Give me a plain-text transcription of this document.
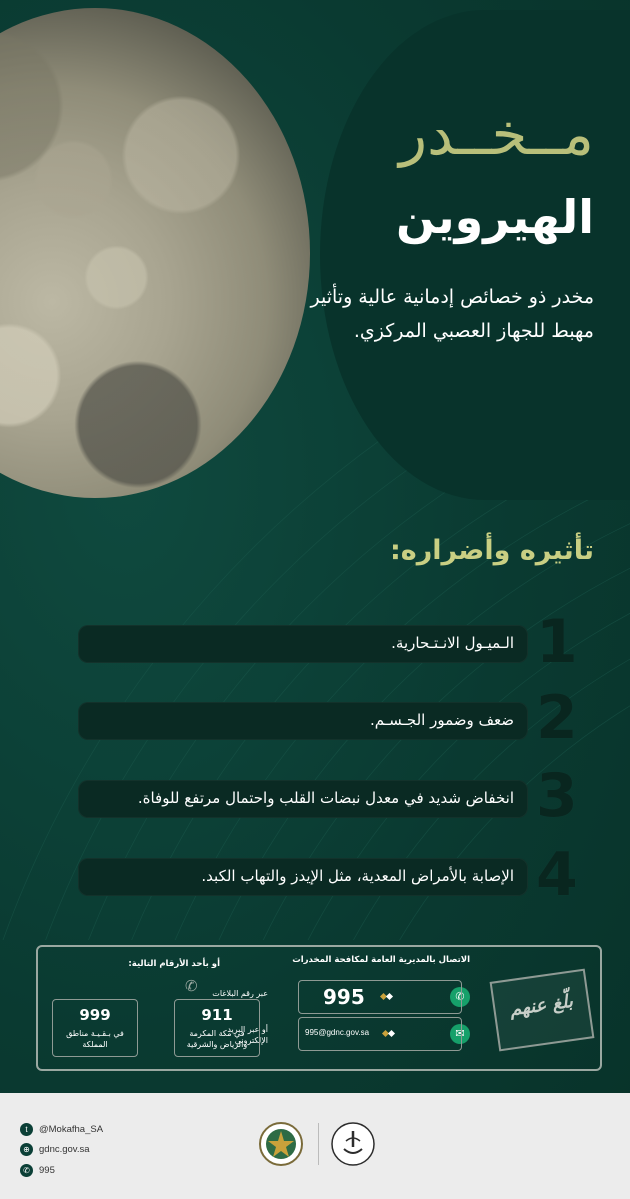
مــخــدر
الهيروين
مخدر ذو خصائص إدمانية عالية وتأثير مهبط للجهاز العصبي المركزي.
تأثيره وأضراره:
1
الـميـول الانـتـحارية.
2
ضعف وضمور الجـسـم.
3
انخفاض شديد في معدل نبضات القلب واحتمال مرتفع للوفاة.
4
الإصابة بالأمراض المعدية، مثل الإيدز والتهاب الكبد.
الاتصال بالمديرية العامة لمكافحة المخدرات
أو بأحد الأرقام التالية:
بلّغ عنهم
✆
عبر رقم البلاغات	995
✉
أو عبر البريد الإلكتروني
995@gdnc.gov.sa
✆
911
في مكة المكرمة والرياض والشرقية
999
في بـقـيـة مناطق المملكة
t @Mokafha_SA
⊕ gdnc.gov.sa
✆ 995
